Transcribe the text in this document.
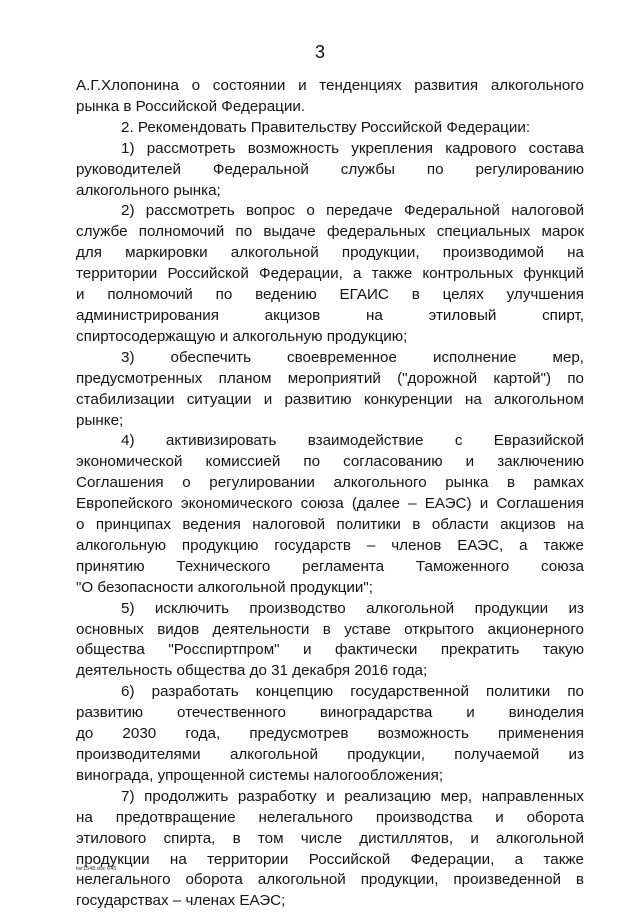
3
А.Г.Хлопонина о состоянии и тенденциях развития алкогольного
рынка в Российской Федерации.
2. Рекомендовать Правительству Российской Федерации:
1) рассмотреть возможность укрепления кадрового состава
руководителей Федеральной службы по регулированию
алкогольного рынка;
2) рассмотреть вопрос о передаче Федеральной налоговой
службе полномочий по выдаче федеральных специальных марок
для маркировки алкогольной продукции, производимой на
территории Российской Федерации, а также контрольных функций
и полномочий по ведению ЕГАИС в целях улучшения
администрирования акцизов на этиловый спирт,
спиртосодержащую и алкогольную продукцию;
3) обеспечить своевременное исполнение мер,
предусмотренных планом мероприятий ("дорожной картой") по
стабилизации ситуации и развитию конкуренции на алкогольном
рынке;
4) активизировать взаимодействие с Евразийской
экономической комиссией по согласованию и заключению
Соглашения о регулировании алкогольного рынка в рамках
Европейского экономического союза (далее – ЕАЭС) и Соглашения
о принципах ведения налоговой политики в области акцизов на
алкогольную продукцию государств – членов ЕАЭС, а также
принятию Технического регламента Таможенного союза
"О безопасности алкогольной продукции";
5) исключить производство алкогольной продукции из
основных видов деятельности в уставе открытого акционерного
общества "Росспиртпром" и фактически прекратить такую
деятельность общества до 31 декабря 2016 года;
6) разработать концепцию государственной политики по
развитию отечественного виноградарства и виноделия
до 2030 года, предусмотрев возможность применения
производителями алкогольной продукции, получаемой из
винограда, упрощенной системы налогообложения;
7) продолжить разработку и реализацию мер, направленных
на предотвращение нелегального производства и оборота
этилового спирта, в том числе дистиллятов, и алкогольной
продукции на территории Российской Федерации, а также
нелегального оборота алкогольной продукции, произведенной в
государствах – членах ЕАЭС;
lwr1548.doc 645
